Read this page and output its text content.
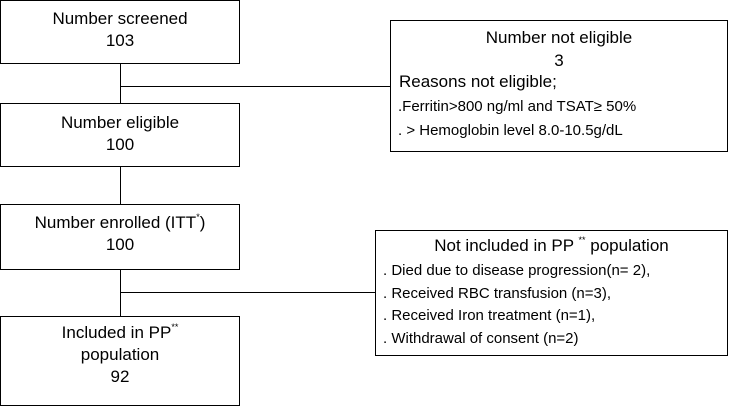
Number screened
103
Number eligible
100
Number enrolled (ITT*)
100
Included in PP**
population
92
Number not eligible
3
Reasons not eligible;
.Ferritin>800 ng/ml and TSAT≥ 50%
. > Hemoglobin level 8.0-10.5g/dL
Not included in PP ** population
. Died due to disease progression(n= 2),
. Received RBC transfusion (n=3),
. Received Iron treatment (n=1),
. Withdrawal of consent (n=2)
